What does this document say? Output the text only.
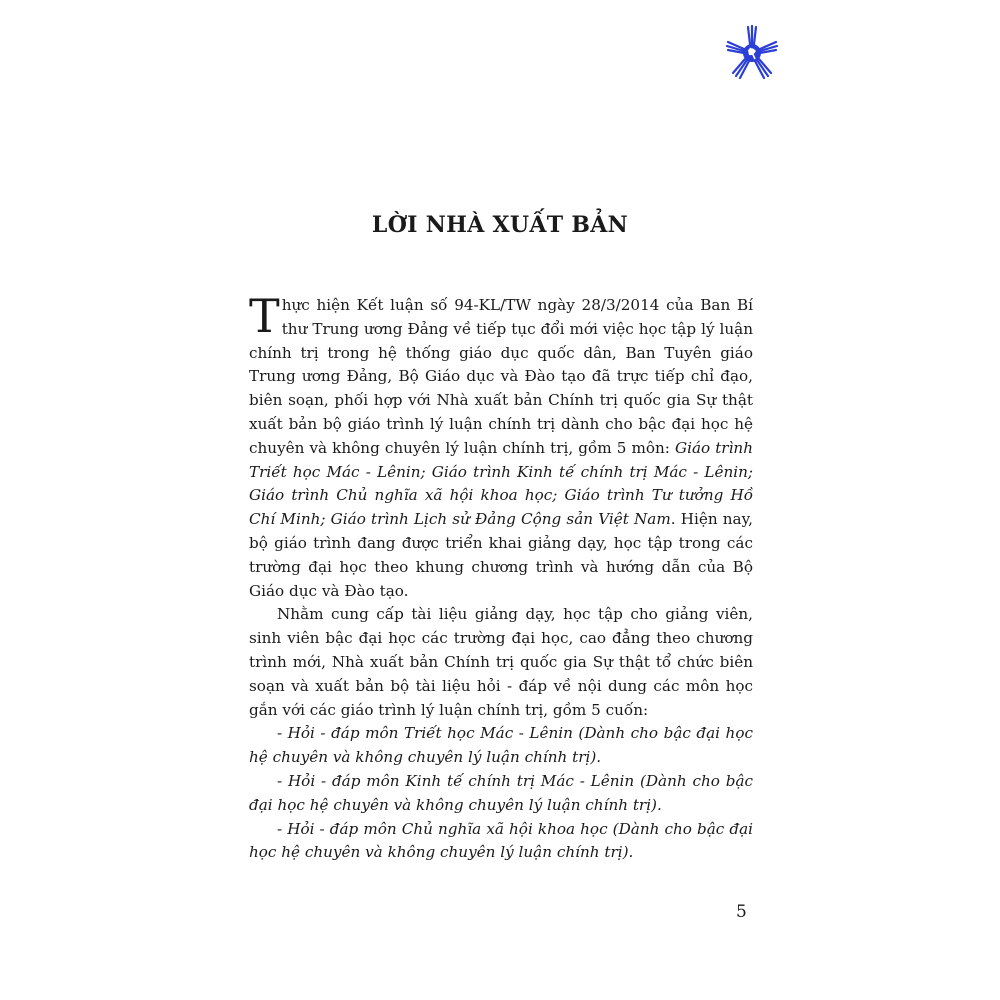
LỜI NHÀ XUẤT BẢN

Thực hiện Kết luận số 94-KL/TW ngày 28/3/2014 của Ban Bí thư Trung ương Đảng về tiếp tục đổi mới việc học tập lý luận chính trị trong hệ thống giáo dục quốc dân, Ban Tuyên giáo Trung ương Đảng, Bộ Giáo dục và Đào tạo đã trực tiếp chỉ đạo, biên soạn, phối hợp với Nhà xuất bản Chính trị quốc gia Sự thật xuất bản bộ giáo trình lý luận chính trị dành cho bậc đại học hệ chuyên và không chuyên lý luận chính trị, gồm 5 môn: Giáo trình Triết học Mác - Lênin; Giáo trình Kinh tế chính trị Mác - Lênin; Giáo trình Chủ nghĩa xã hội khoa học; Giáo trình Tư tưởng Hồ Chí Minh; Giáo trình Lịch sử Đảng Cộng sản Việt Nam. Hiện nay, bộ giáo trình đang được triển khai giảng dạy, học tập trong các trường đại học theo khung chương trình và hướng dẫn của Bộ Giáo dục và Đào tạo.

Nhằm cung cấp tài liệu giảng dạy, học tập cho giảng viên, sinh viên bậc đại học các trường đại học, cao đẳng theo chương trình mới, Nhà xuất bản Chính trị quốc gia Sự thật tổ chức biên soạn và xuất bản bộ tài liệu hỏi - đáp về nội dung các môn học gắn với các giáo trình lý luận chính trị, gồm 5 cuốn:

- Hỏi - đáp môn Triết học Mác - Lênin (Dành cho bậc đại học hệ chuyên và không chuyên lý luận chính trị).

- Hỏi - đáp môn Kinh tế chính trị Mác - Lênin (Dành cho bậc đại học hệ chuyên và không chuyên lý luận chính trị).

- Hỏi - đáp môn Chủ nghĩa xã hội khoa học (Dành cho bậc đại học hệ chuyên và không chuyên lý luận chính trị).

5
